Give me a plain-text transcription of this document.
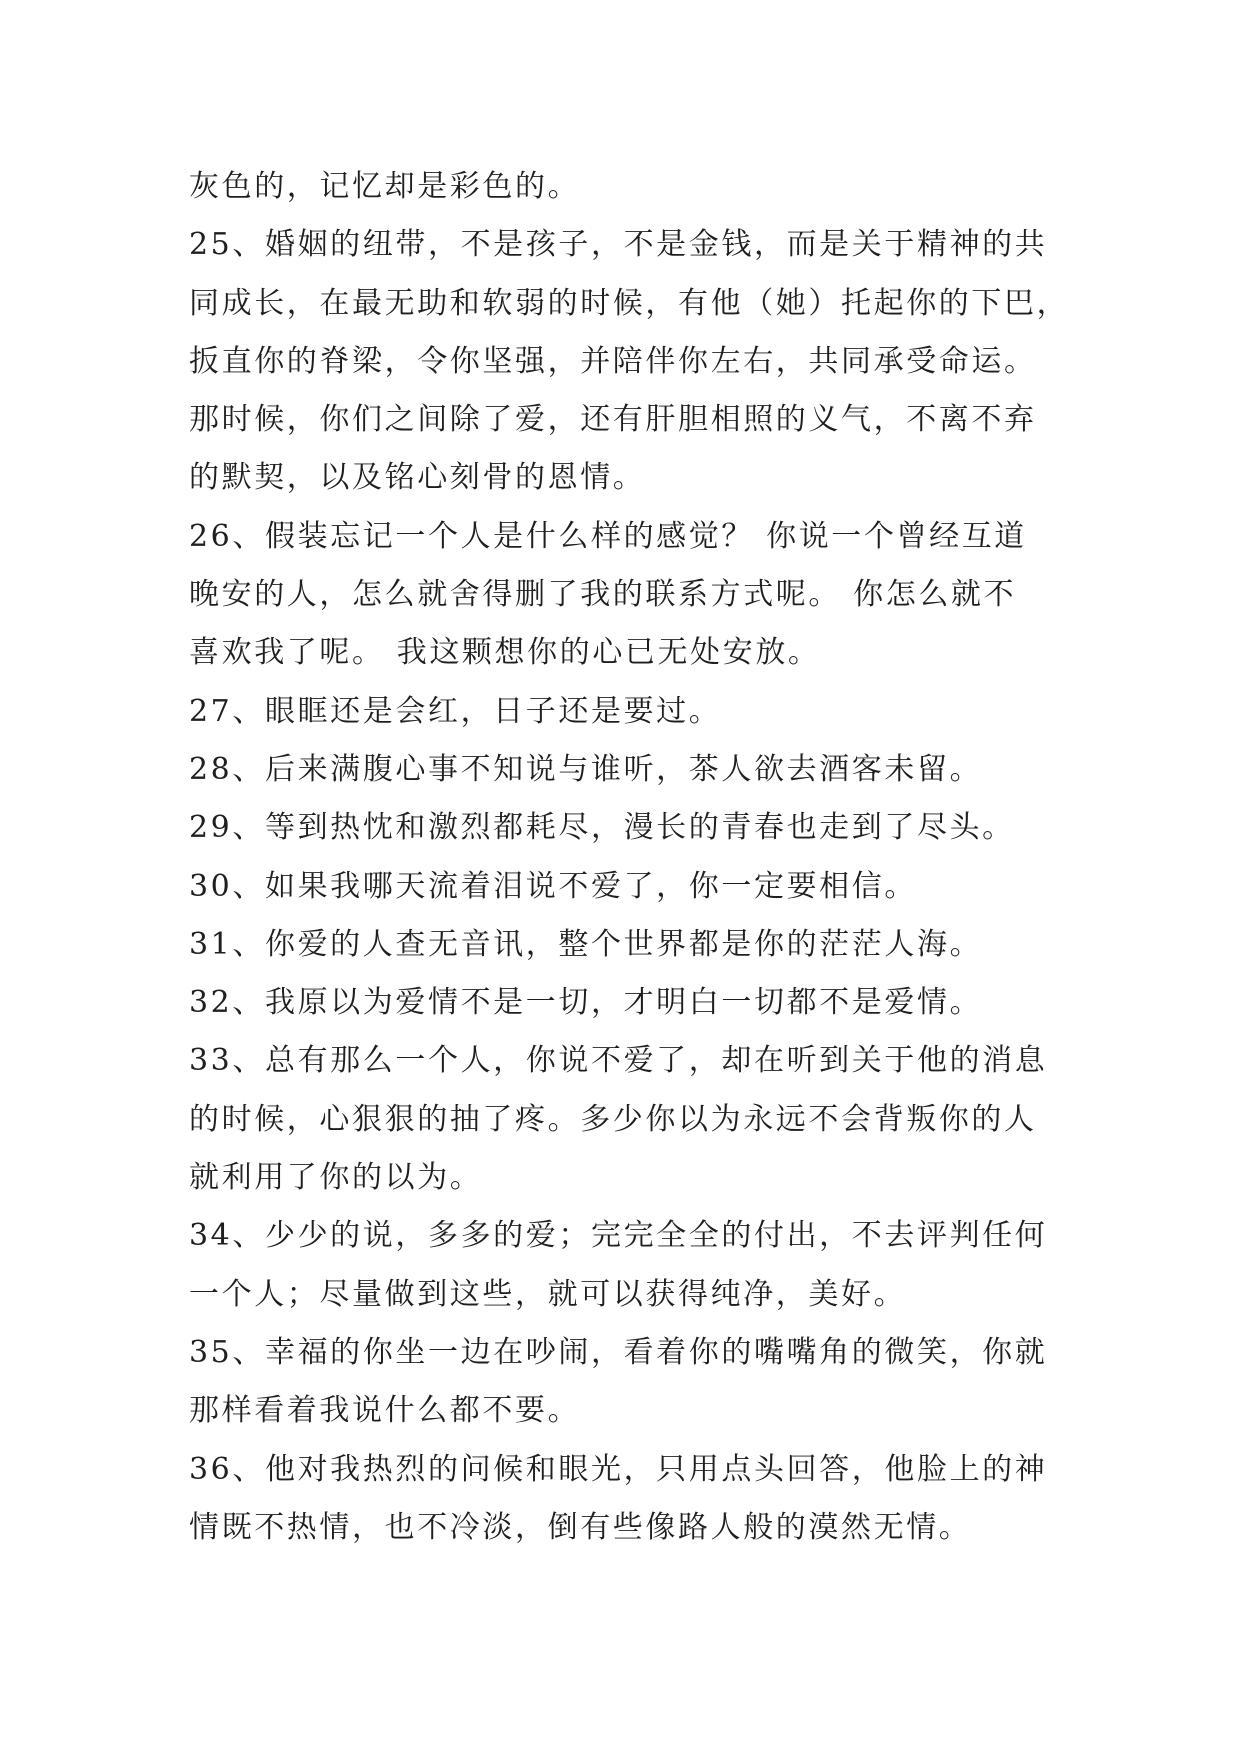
灰色的，记忆却是彩色的。

25、婚姻的纽带，不是孩子，不是金钱，而是关于精神的共
同成长，在最无助和软弱的时候，有他（她）托起你的下巴，
扳直你的脊梁，令你坚强，并陪伴你左右，共同承受命运。
那时候，你们之间除了爱，还有肝胆相照的义气，不离不弃
的默契，以及铭心刻骨的恩情。

26、假装忘记一个人是什么样的感觉？ 你说一个曾经互道
晚安的人，怎么就舍得删了我的联系方式呢。 你怎么就不
喜欢我了呢。 我这颗想你的心已无处安放。

27、眼眶还是会红，日子还是要过。

28、后来满腹心事不知说与谁听，茶人欲去酒客未留。

29、等到热忱和激烈都耗尽，漫长的青春也走到了尽头。

30、如果我哪天流着泪说不爱了，你一定要相信。

31、你爱的人查无音讯，整个世界都是你的茫茫人海。

32、我原以为爱情不是一切，才明白一切都不是爱情。

33、总有那么一个人，你说不爱了，却在听到关于他的消息
的时候，心狠狠的抽了疼。多少你以为永远不会背叛你的人
就利用了你的以为。

34、少少的说，多多的爱；完完全全的付出，不去评判任何
一个人；尽量做到这些，就可以获得纯净，美好。

35、幸福的你坐一边在吵闹，看着你的嘴嘴角的微笑，你就
那样看着我说什么都不要。

36、他对我热烈的问候和眼光，只用点头回答，他脸上的神
情既不热情，也不冷淡，倒有些像路人般的漠然无情。
